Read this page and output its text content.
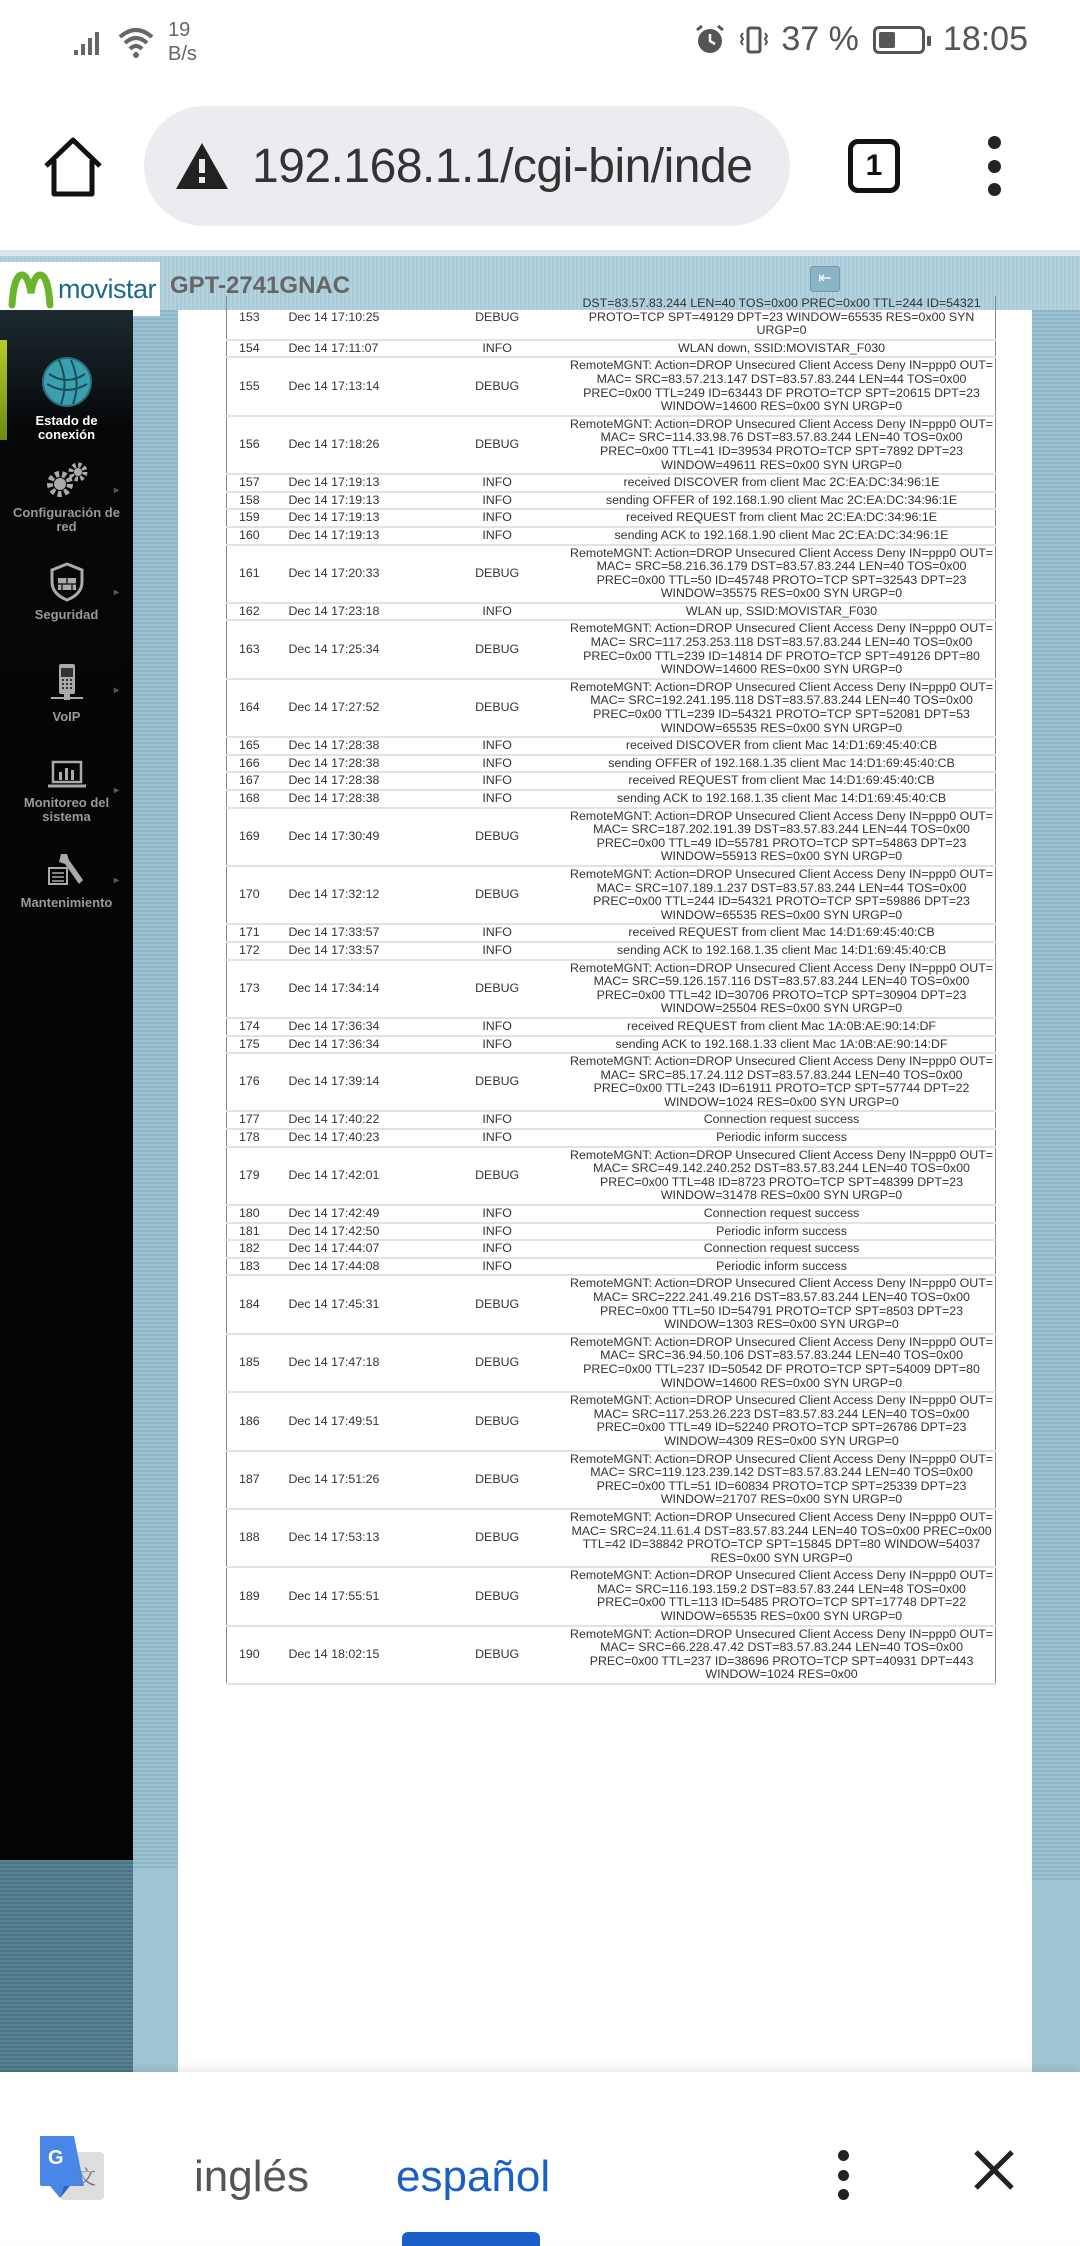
19
B/s	37 % 18:05
192.168.1.1/cgi-bin/inde	1
movistar GPT-2741GNAC	⇤
Estado de
conexión
▸
Configuración de
red
▸
Seguridad
▸
VoIP
▸
Monitoreo del
sistema
▸
Mantenimiento
153	Dec 14 17:10:25	DEBUG	DST=83.57.83.244 LEN=40 TOS=0x00 PREC=0x00 TTL=244 ID=54321 PROTO=TCP SPT=49129 DPT=23 WINDOW=65535 RES=0x00 SYN URGP=0
154	Dec 14 17:11:07	INFO	WLAN down, SSID:MOVISTAR_F030
155	Dec 14 17:13:14	DEBUG	RemoteMGNT: Action=DROP Unsecured Client Access Deny IN=ppp0 OUT= MAC= SRC=83.57.213.147 DST=83.57.83.244 LEN=44 TOS=0x00 PREC=0x00 TTL=249 ID=63443 DF PROTO=TCP SPT=20615 DPT=23 WINDOW=14600 RES=0x00 SYN URGP=0
156	Dec 14 17:18:26	DEBUG	RemoteMGNT: Action=DROP Unsecured Client Access Deny IN=ppp0 OUT= MAC= SRC=114.33.98.76 DST=83.57.83.244 LEN=40 TOS=0x00 PREC=0x00 TTL=41 ID=39534 PROTO=TCP SPT=7892 DPT=23 WINDOW=49611 RES=0x00 SYN URGP=0
157	Dec 14 17:19:13	INFO	received DISCOVER from client Mac 2C:EA:DC:34:96:1E
158	Dec 14 17:19:13	INFO	sending OFFER of 192.168.1.90 client Mac 2C:EA:DC:34:96:1E
159	Dec 14 17:19:13	INFO	received REQUEST from client Mac 2C:EA:DC:34:96:1E
160	Dec 14 17:19:13	INFO	sending ACK to 192.168.1.90 client Mac 2C:EA:DC:34:96:1E
161	Dec 14 17:20:33	DEBUG	RemoteMGNT: Action=DROP Unsecured Client Access Deny IN=ppp0 OUT= MAC= SRC=58.216.36.179 DST=83.57.83.244 LEN=40 TOS=0x00 PREC=0x00 TTL=50 ID=45748 PROTO=TCP SPT=32543 DPT=23 WINDOW=35575 RES=0x00 SYN URGP=0
162	Dec 14 17:23:18	INFO	WLAN up, SSID:MOVISTAR_F030
163	Dec 14 17:25:34	DEBUG	RemoteMGNT: Action=DROP Unsecured Client Access Deny IN=ppp0 OUT= MAC= SRC=117.253.253.118 DST=83.57.83.244 LEN=40 TOS=0x00 PREC=0x00 TTL=239 ID=14814 DF PROTO=TCP SPT=49126 DPT=80 WINDOW=14600 RES=0x00 SYN URGP=0
164	Dec 14 17:27:52	DEBUG	RemoteMGNT: Action=DROP Unsecured Client Access Deny IN=ppp0 OUT= MAC= SRC=192.241.195.118 DST=83.57.83.244 LEN=40 TOS=0x00 PREC=0x00 TTL=239 ID=54321 PROTO=TCP SPT=52081 DPT=53 WINDOW=65535 RES=0x00 SYN URGP=0
165	Dec 14 17:28:38	INFO	received DISCOVER from client Mac 14:D1:69:45:40:CB
166	Dec 14 17:28:38	INFO	sending OFFER of 192.168.1.35 client Mac 14:D1:69:45:40:CB
167	Dec 14 17:28:38	INFO	received REQUEST from client Mac 14:D1:69:45:40:CB
168	Dec 14 17:28:38	INFO	sending ACK to 192.168.1.35 client Mac 14:D1:69:45:40:CB
169	Dec 14 17:30:49	DEBUG	RemoteMGNT: Action=DROP Unsecured Client Access Deny IN=ppp0 OUT= MAC= SRC=187.202.191.39 DST=83.57.83.244 LEN=44 TOS=0x00 PREC=0x00 TTL=49 ID=55781 PROTO=TCP SPT=54863 DPT=23 WINDOW=55913 RES=0x00 SYN URGP=0
170	Dec 14 17:32:12	DEBUG	RemoteMGNT: Action=DROP Unsecured Client Access Deny IN=ppp0 OUT= MAC= SRC=107.189.1.237 DST=83.57.83.244 LEN=44 TOS=0x00 PREC=0x00 TTL=244 ID=54321 PROTO=TCP SPT=59886 DPT=23 WINDOW=65535 RES=0x00 SYN URGP=0
171	Dec 14 17:33:57	INFO	received REQUEST from client Mac 14:D1:69:45:40:CB
172	Dec 14 17:33:57	INFO	sending ACK to 192.168.1.35 client Mac 14:D1:69:45:40:CB
173	Dec 14 17:34:14	DEBUG	RemoteMGNT: Action=DROP Unsecured Client Access Deny IN=ppp0 OUT= MAC= SRC=59.126.157.116 DST=83.57.83.244 LEN=40 TOS=0x00 PREC=0x00 TTL=42 ID=30706 PROTO=TCP SPT=30904 DPT=23 WINDOW=25504 RES=0x00 SYN URGP=0
174	Dec 14 17:36:34	INFO	received REQUEST from client Mac 1A:0B:AE:90:14:DF
175	Dec 14 17:36:34	INFO	sending ACK to 192.168.1.33 client Mac 1A:0B:AE:90:14:DF
176	Dec 14 17:39:14	DEBUG	RemoteMGNT: Action=DROP Unsecured Client Access Deny IN=ppp0 OUT= MAC= SRC=85.17.24.112 DST=83.57.83.244 LEN=40 TOS=0x00 PREC=0x00 TTL=243 ID=61911 PROTO=TCP SPT=57744 DPT=22 WINDOW=1024 RES=0x00 SYN URGP=0
177	Dec 14 17:40:22	INFO	Connection request success
178	Dec 14 17:40:23	INFO	Periodic inform success
179	Dec 14 17:42:01	DEBUG	RemoteMGNT: Action=DROP Unsecured Client Access Deny IN=ppp0 OUT= MAC= SRC=49.142.240.252 DST=83.57.83.244 LEN=40 TOS=0x00 PREC=0x00 TTL=48 ID=8723 PROTO=TCP SPT=48399 DPT=23 WINDOW=31478 RES=0x00 SYN URGP=0
180	Dec 14 17:42:49	INFO	Connection request success
181	Dec 14 17:42:50	INFO	Periodic inform success
182	Dec 14 17:44:07	INFO	Connection request success
183	Dec 14 17:44:08	INFO	Periodic inform success
184	Dec 14 17:45:31	DEBUG	RemoteMGNT: Action=DROP Unsecured Client Access Deny IN=ppp0 OUT= MAC= SRC=222.241.49.216 DST=83.57.83.244 LEN=40 TOS=0x00 PREC=0x00 TTL=50 ID=54791 PROTO=TCP SPT=8503 DPT=23 WINDOW=1303 RES=0x00 SYN URGP=0
185	Dec 14 17:47:18	DEBUG	RemoteMGNT: Action=DROP Unsecured Client Access Deny IN=ppp0 OUT= MAC= SRC=36.94.50.106 DST=83.57.83.244 LEN=40 TOS=0x00 PREC=0x00 TTL=237 ID=50542 DF PROTO=TCP SPT=54009 DPT=80 WINDOW=14600 RES=0x00 SYN URGP=0
186	Dec 14 17:49:51	DEBUG	RemoteMGNT: Action=DROP Unsecured Client Access Deny IN=ppp0 OUT= MAC= SRC=117.253.26.223 DST=83.57.83.244 LEN=40 TOS=0x00 PREC=0x00 TTL=49 ID=52240 PROTO=TCP SPT=26786 DPT=23 WINDOW=4309 RES=0x00 SYN URGP=0
187	Dec 14 17:51:26	DEBUG	RemoteMGNT: Action=DROP Unsecured Client Access Deny IN=ppp0 OUT= MAC= SRC=119.123.239.142 DST=83.57.83.244 LEN=40 TOS=0x00 PREC=0x00 TTL=51 ID=60834 PROTO=TCP SPT=25339 DPT=23 WINDOW=21707 RES=0x00 SYN URGP=0
188	Dec 14 17:53:13	DEBUG	RemoteMGNT: Action=DROP Unsecured Client Access Deny IN=ppp0 OUT= MAC= SRC=24.11.61.4 DST=83.57.83.244 LEN=40 TOS=0x00 PREC=0x00 TTL=42 ID=38842 PROTO=TCP SPT=15845 DPT=80 WINDOW=54037 RES=0x00 SYN URGP=0
189	Dec 14 17:55:51	DEBUG	RemoteMGNT: Action=DROP Unsecured Client Access Deny IN=ppp0 OUT= MAC= SRC=116.193.159.2 DST=83.57.83.244 LEN=48 TOS=0x00 PREC=0x00 TTL=113 ID=5485 PROTO=TCP SPT=17748 DPT=22 WINDOW=65535 RES=0x00 SYN URGP=0
190	Dec 14 18:02:15	DEBUG	RemoteMGNT: Action=DROP Unsecured Client Access Deny IN=ppp0 OUT= MAC= SRC=66.228.47.42 DST=83.57.83.244 LEN=40 TOS=0x00 PREC=0x00 TTL=237 ID=38696 PROTO=TCP SPT=40931 DPT=443 WINDOW=1024 RES=0x00
G
文 inglés español
